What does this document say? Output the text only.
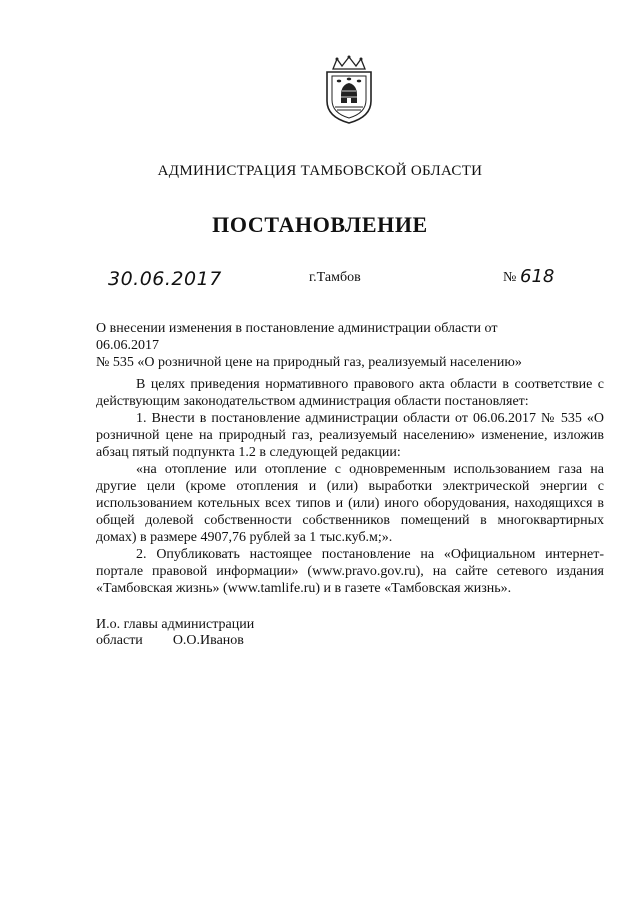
АДМИНИСТРАЦИЯ ТАМБОВСКОЙ ОБЛАСТИ
ПОСТАНОВЛЕНИЕ
30.06.2017	г.Тамбов	№ 618
О внесении изменения в постановление администрации области от 06.06.2017
№ 535 «О розничной цене на природный газ, реализуемый населению»

В целях приведения нормативного правового акта области в соответствие с действующим законодательством администрация области постановляет:

1. Внести в постановление администрации области от 06.06.2017 № 535 «О розничной цене на природный газ, реализуемый населению» изменение, изложив абзац пятый подпункта 1.2 в следующей редакции:

«на отопление или отопление с одновременным использованием газа на другие цели (кроме отопления и (или) выработки электрической энергии с использованием котельных всех типов и (или) иного оборудования, находящихся в общей долевой собственности собственников помещений в многоквартирных домах) в размере 4907,76 рублей за 1 тыс.куб.м;».

2. Опубликовать настоящее постановление на «Официальном интернет-портале правовой информации» (www.pravo.gov.ru), на сайте сетевого издания «Тамбовская жизнь» (www.tamlife.ru) и в газете «Тамбовская жизнь».

И.о. главы администрации
области О.О.Иванов
